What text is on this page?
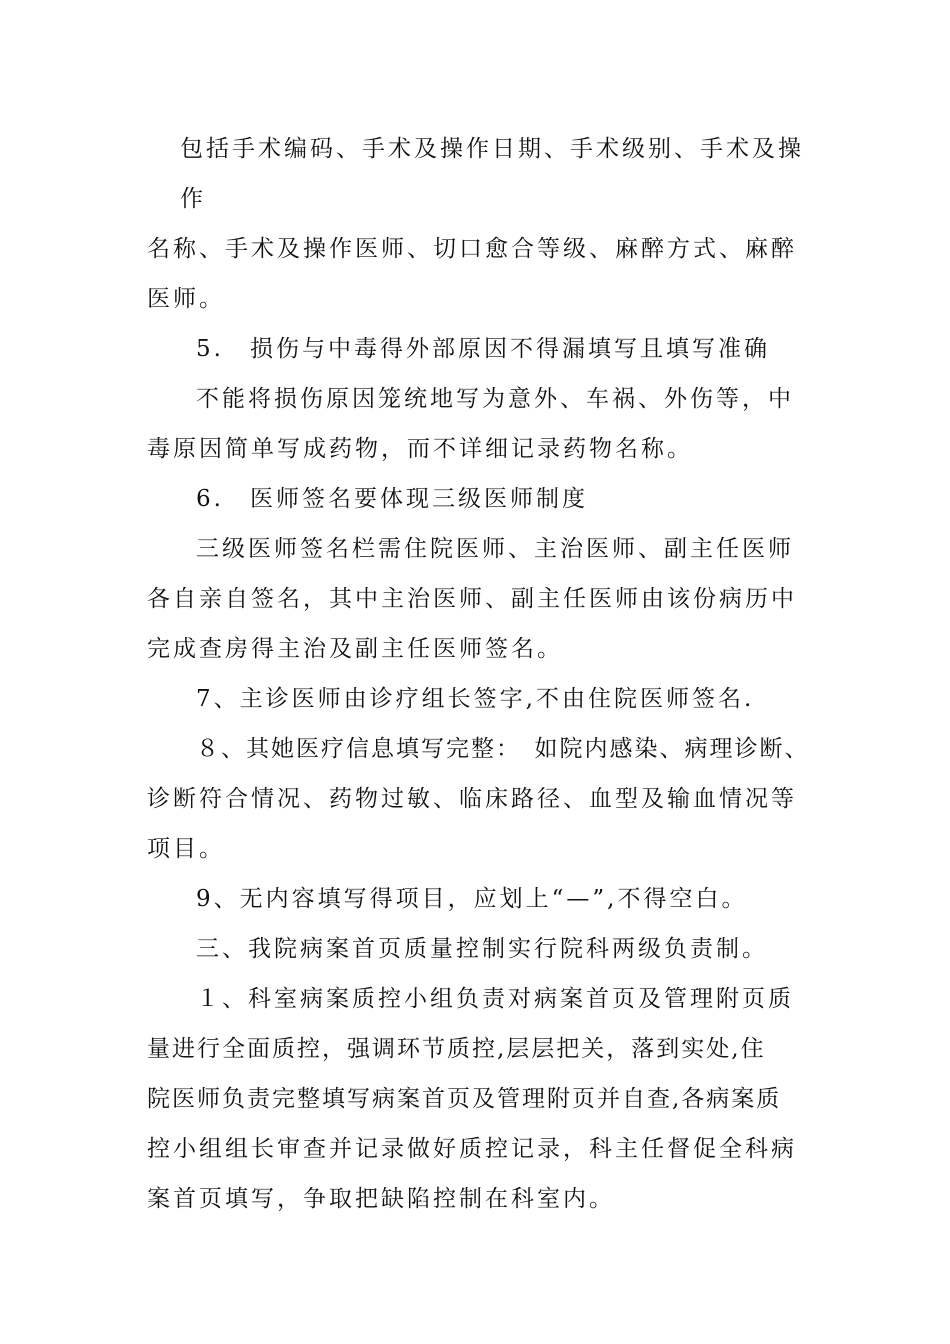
包括手术编码、手术及操作日期、手术级别、手术及操
作
名称、手术及操作医师、切口愈合等级、麻醉方式、麻醉
医师。
5.　损伤与中毒得外部原因不得漏填写且填写准确
不能将损伤原因笼统地写为意外、车祸、外伤等，中
毒原因简单写成药物，而不详细记录药物名称。
6.　医师签名要体现三级医师制度
三级医师签名栏需住院医师、主治医师、副主任医师
各自亲自签名，其中主治医师、副主任医师由该份病历中
完成查房得主治及副主任医师签名。
7、主诊医师由诊疗组长签字,不由住院医师签名.
８、其她医疗信息填写完整：　如院内感染、病理诊断、
诊断符合情况、药物过敏、临床路径、血型及输血情况等
项目。
9、无内容填写得项目，应划上“—”,不得空白。
三、我院病案首页质量控制实行院科两级负责制。
１、科室病案质控小组负责对病案首页及管理附页质
量进行全面质控，强调环节质控,层层把关，落到实处,住
院医师负责完整填写病案首页及管理附页并自查,各病案质
控小组组长审查并记录做好质控记录，科主任督促全科病
案首页填写，争取把缺陷控制在科室内。
